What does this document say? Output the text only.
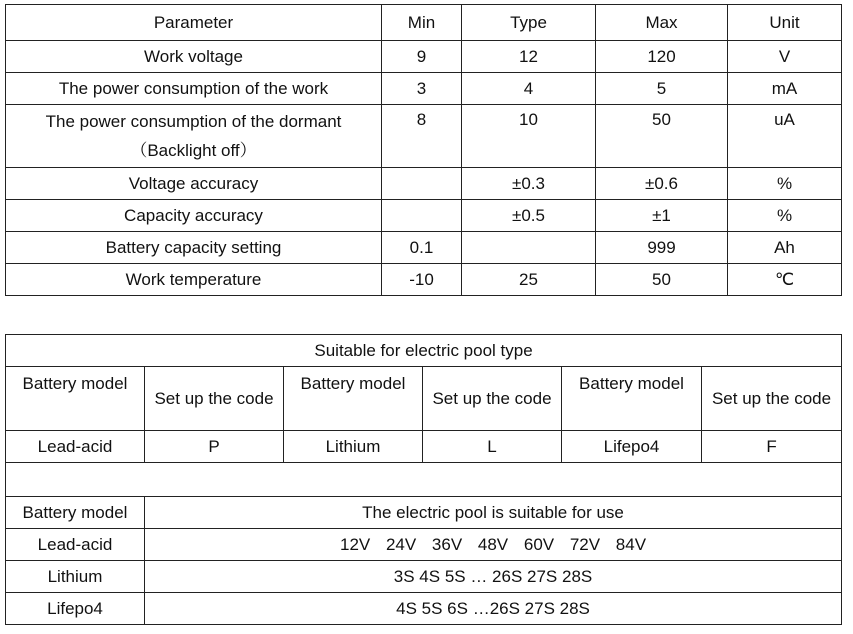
Parameter	Min	Type	Max	Unit
Work voltage	9	12	120	V
The power consumption of the work	3	4	5	mA
The power consumption of the dormant
（Backlight off）	8	10	50	uA
Voltage accuracy		±0.3	±0.6	%
Capacity accuracy		±0.5	±1	%
Battery capacity setting	0.1		999	Ah
Work temperature	-10	25	50	℃
Suitable for electric pool type					
Battery model	Set up the code	Battery model	Set up the code	Battery model	Set up the code
Lead-acid	P	Lithium	L	Lifepo4	F

Battery model	The electric pool is suitable for use				
Lead-acid	12V 24V 36V 48V 60V 72V 84V				
Lithium	3S 4S 5S … 26S 27S 28S				
Lifepo4	4S 5S 6S …26S 27S 28S				
